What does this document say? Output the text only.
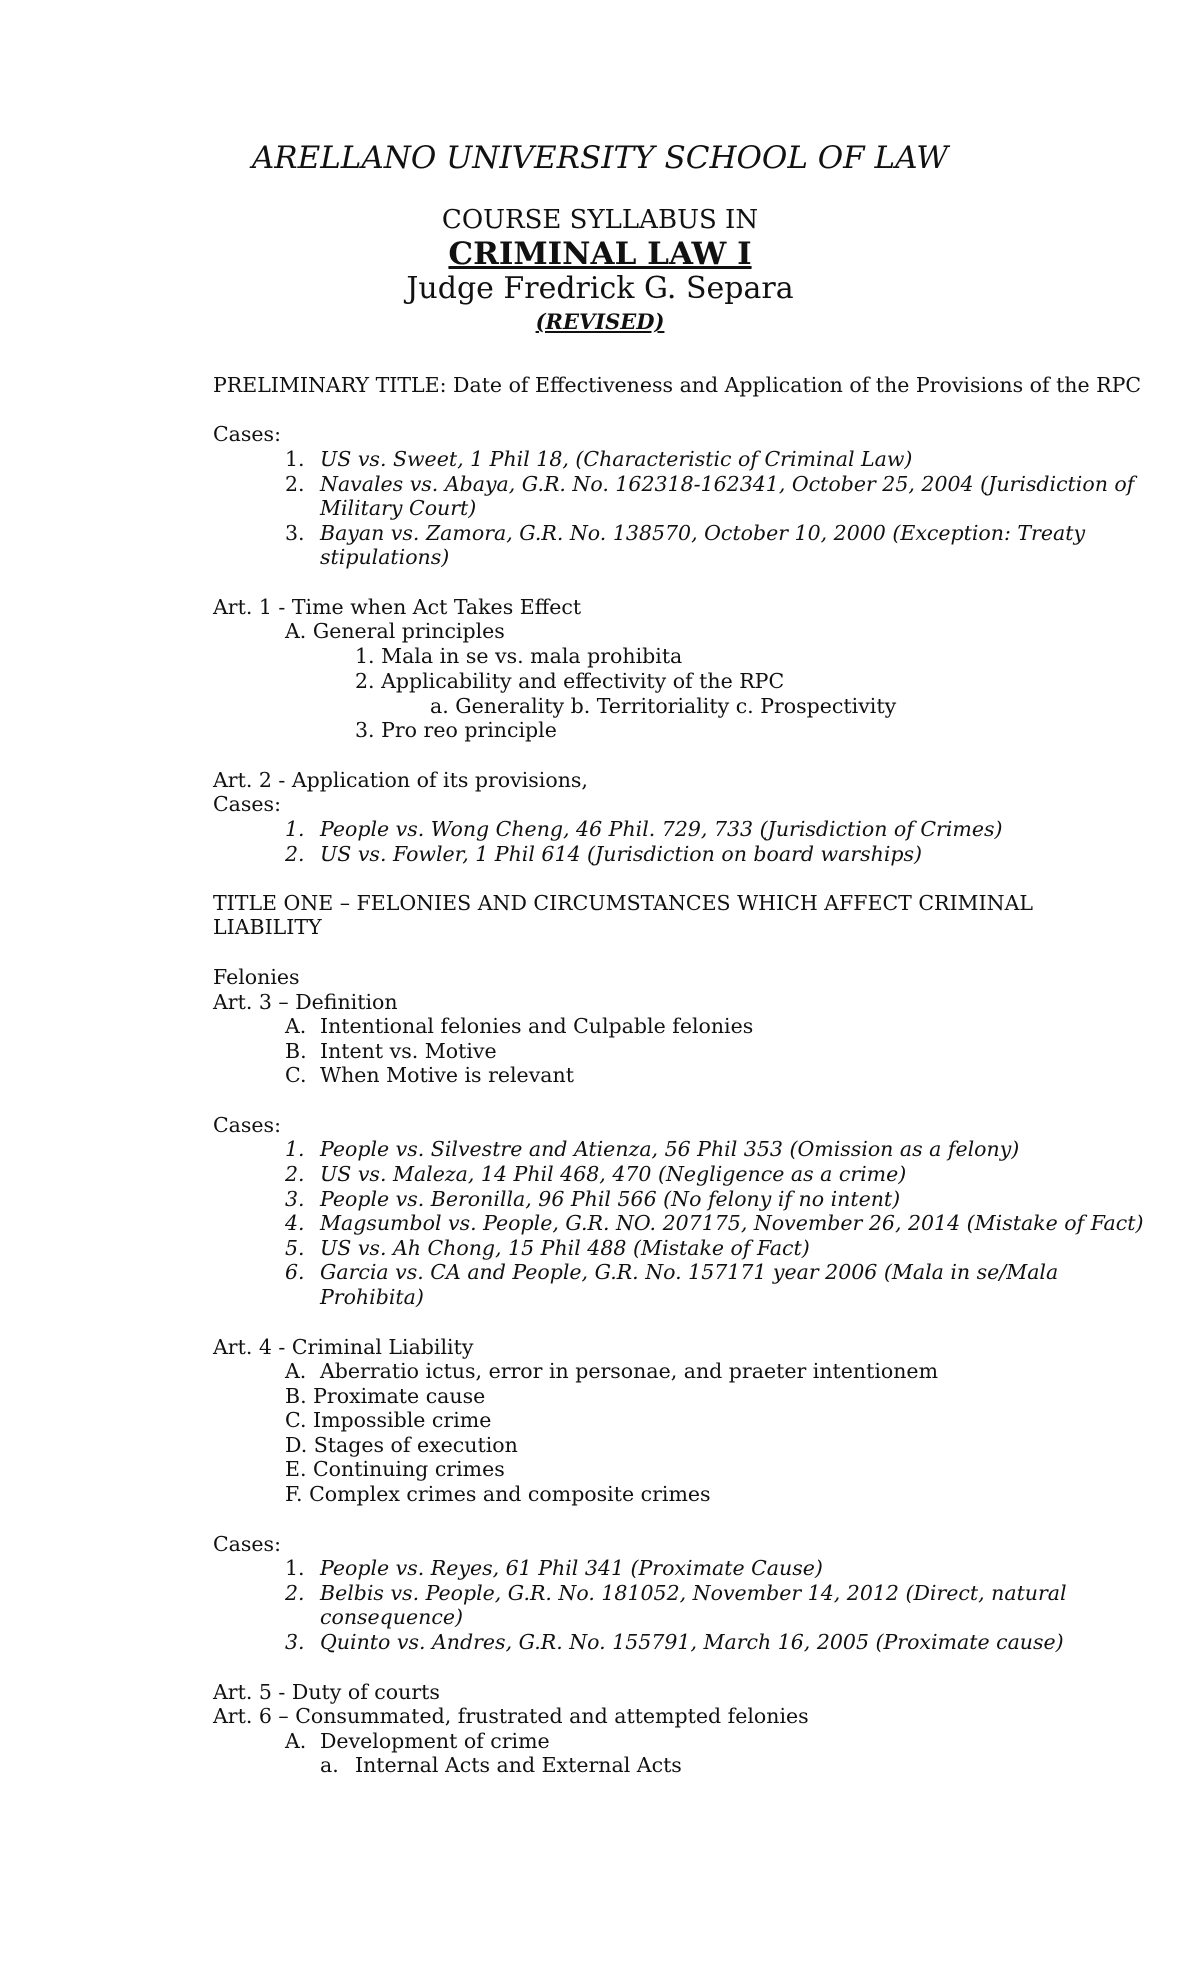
ARELLANO UNIVERSITY SCHOOL OF LAW
COURSE SYLLABUS IN
CRIMINAL LAW I
Judge Fredrick G. Separa
(REVISED)
PRELIMINARY TITLE: Date of Effectiveness and Application of the Provisions of the RPC
Cases:
1. US vs. Sweet, 1 Phil 18, (Characteristic of Criminal Law)
2. Navales vs. Abaya, G.R. No. 162318-162341, October 25, 2004 (Jurisdiction of
Military Court)
3. Bayan vs. Zamora, G.R. No. 138570, October 10, 2000 (Exception: Treaty
stipulations)
Art. 1 - Time when Act Takes Effect
A. General principles
1. Mala in se vs. mala prohibita
2. Applicability and effectivity of the RPC
a. Generality b. Territoriality c. Prospectivity
3. Pro reo principle
Art. 2 - Application of its provisions,
Cases:
1. People vs. Wong Cheng, 46 Phil. 729, 733 (Jurisdiction of Crimes)
2. US vs. Fowler, 1 Phil 614 (Jurisdiction on board warships)
TITLE ONE – FELONIES AND CIRCUMSTANCES WHICH AFFECT CRIMINAL
LIABILITY
Felonies
Art. 3 – Definition
A. Intentional felonies and Culpable felonies
B. Intent vs. Motive
C. When Motive is relevant
Cases:
1. People vs. Silvestre and Atienza, 56 Phil 353 (Omission as a felony)
2. US vs. Maleza, 14 Phil 468, 470 (Negligence as a crime)
3. People vs. Beronilla, 96 Phil 566 (No felony if no intent)
4. Magsumbol vs. People, G.R. NO. 207175, November 26, 2014 (Mistake of Fact)
5. US vs. Ah Chong, 15 Phil 488 (Mistake of Fact)
6. Garcia vs. CA and People, G.R. No. 157171 year 2006 (Mala in se/Mala
Prohibita)
Art. 4 - Criminal Liability
A. Aberratio ictus, error in personae, and praeter intentionem
B. Proximate cause
C. Impossible crime
D. Stages of execution
E. Continuing crimes
F. Complex crimes and composite crimes
Cases:
1. People vs. Reyes, 61 Phil 341 (Proximate Cause)
2. Belbis vs. People, G.R. No. 181052, November 14, 2012 (Direct, natural
consequence)
3. Quinto vs. Andres, G.R. No. 155791, March 16, 2005 (Proximate cause)
Art. 5 - Duty of courts
Art. 6 – Consummated, frustrated and attempted felonies
A. Development of crime
a. Internal Acts and External Acts
